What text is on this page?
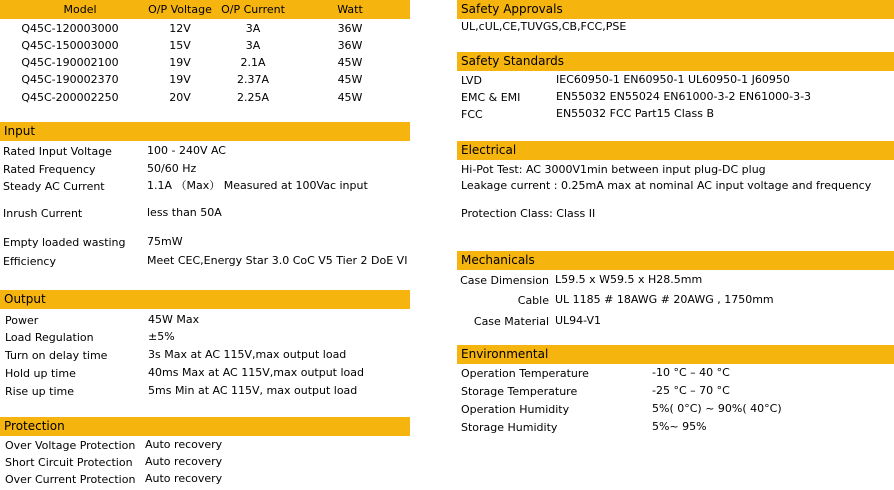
Model	O/P Voltage O/P Current	Watt
Q45C-120003000	12V	3A	36W
Q45C-150003000	15V	3A	36W
Q45C-190002100	19V	2.1A	45W
Q45C-190002370	19V	2.37A	45W
Q45C-200002250	20V	2.25A	45W
Input
Rated Input Voltage	100 - 240V AC
Rated Frequency	50/60 Hz
Steady AC Current	1.1A （Max） Measured at 100Vac input
Inrush Current	less than 50A
Empty loaded wasting 75mW
Efficiency	Meet CEC,Energy Star 3.0 CoC V5 Tier 2 DoE VI
Output
Power	45W Max
Load Regulation	±5%
Turn on delay time	3s Max at AC 115V,max output load
Hold up time	40ms Max at AC 115V,max output load
Rise up time	5ms Min at AC 115V, max output load
Protection
Over Voltage Protection Auto recovery
Short Circuit Protection Auto recovery
Over Current Protection Auto recovery
Safety Approvals
UL,cUL,CE,TUVGS,CB,FCC,PSE
Safety Standards
LVD	IEC60950-1 EN60950-1 UL60950-1 J60950
EMC & EMI	EN55032 EN55024 EN61000-3-2 EN61000-3-3
FCC	EN55032 FCC Part15 Class B
Electrical
Hi-Pot Test: AC 3000V1min between input plug-DC plug
Leakage current : 0.25mA max at nominal AC input voltage and frequency
Protection Class: Class II
Mechanicals
Case Dimension L59.5 x W59.5 x H28.5mm
Cable UL 1185 # 18AWG # 20AWG , 1750mm
Case Material UL94-V1
Environmental
Operation Temperature	-10 °C – 40 °C
Storage Temperature	-25 °C – 70 °C
Operation Humidity	5%( 0°C) ~ 90%( 40°C)
Storage Humidity	5%~ 95%
